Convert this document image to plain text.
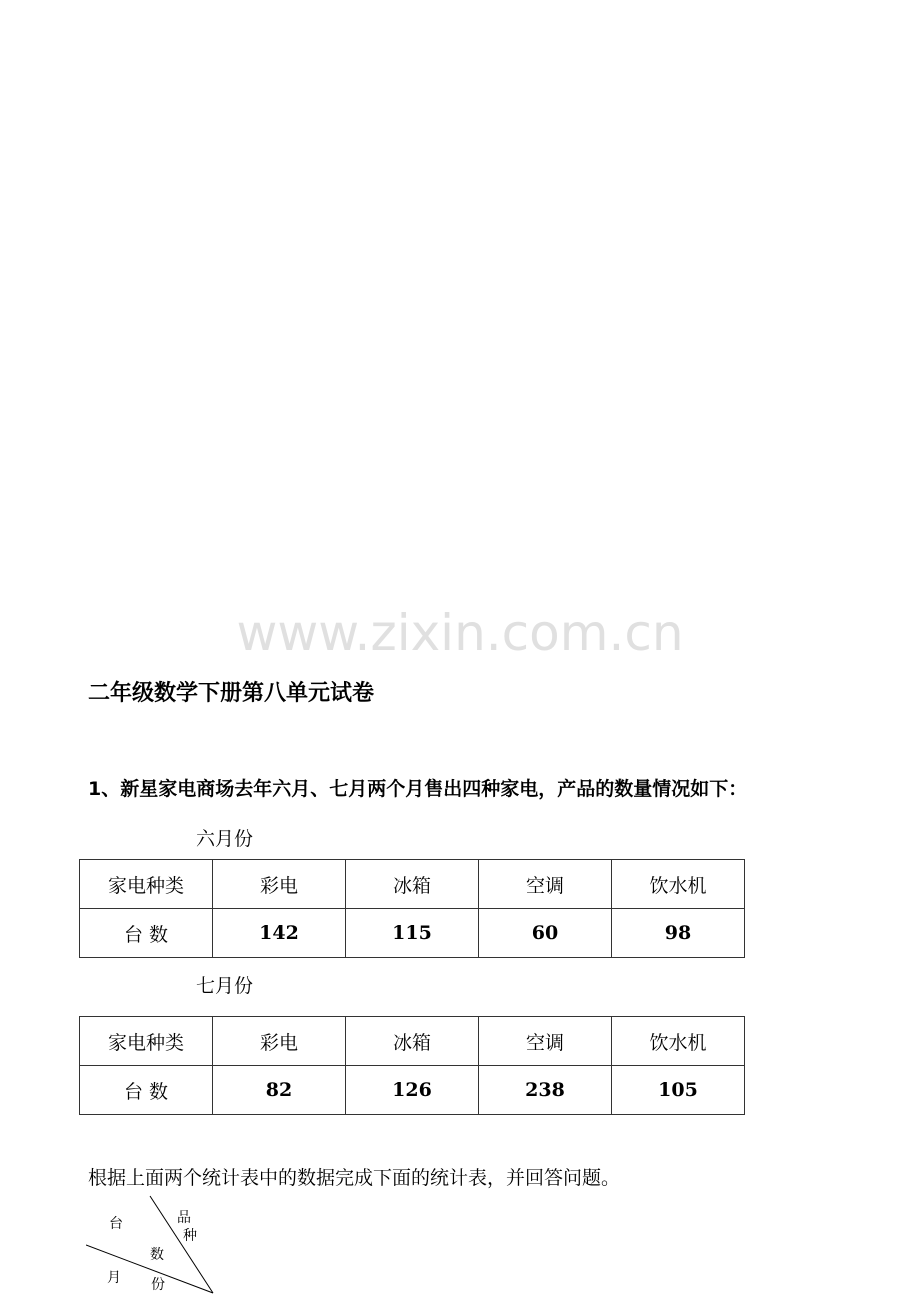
www.zixin.com.cn
二年级数学下册第八单元试卷
1、新星家电商场去年六月、七月两个月售出四种家电，产品的数量情况如下：
六月份
家电种类	彩电	冰箱	空调	饮水机
台 数	142	115	60	98
七月份
家电种类	彩电	冰箱	空调	饮水机
台 数	82	126	238	105
根据上面两个统计表中的数据完成下面的统计表，并回答问题。
台	品
种
数
月 份
